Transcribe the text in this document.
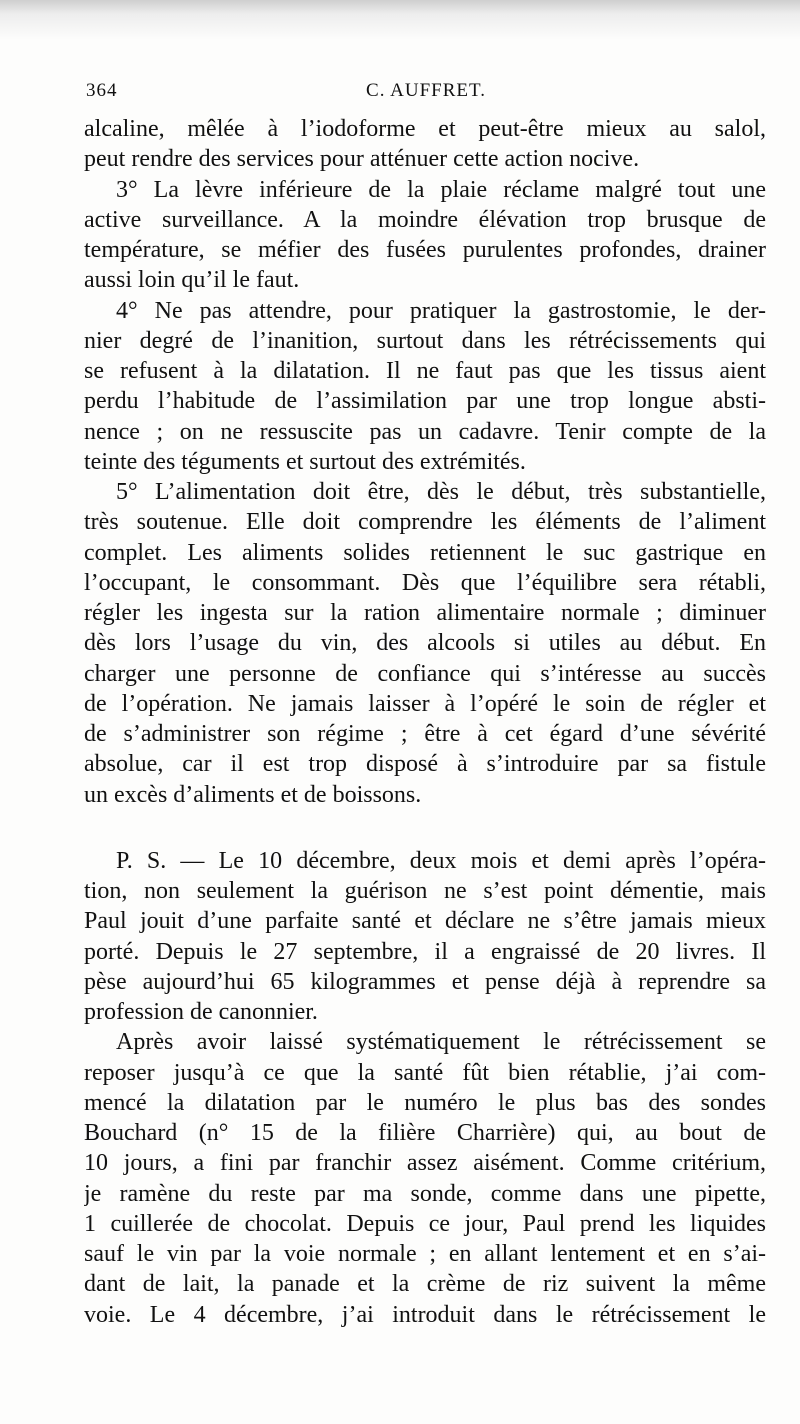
364	C. AUFFRET.
alcaline, mêlée à l’iodoforme et peut-être mieux au salol,
peut rendre des services pour atténuer cette action nocive.
3° La lèvre inférieure de la plaie réclame malgré tout une
active surveillance. A la moindre élévation trop brusque de
température, se méfier des fusées purulentes profondes, drainer
aussi loin qu’il le faut.
4° Ne pas attendre, pour pratiquer la gastrostomie, le der-
nier degré de l’inanition, surtout dans les rétrécissements qui
se refusent à la dilatation. Il ne faut pas que les tissus aient
perdu l’habitude de l’assimilation par une trop longue absti-
nence ; on ne ressuscite pas un cadavre. Tenir compte de la
teinte des téguments et surtout des extrémités.
5° L’alimentation doit être, dès le début, très substantielle,
très soutenue. Elle doit comprendre les éléments de l’aliment
complet. Les aliments solides retiennent le suc gastrique en
l’occupant, le consommant. Dès que l’équilibre sera rétabli,
régler les ingesta sur la ration alimentaire normale ; diminuer
dès lors l’usage du vin, des alcools si utiles au début. En
charger une personne de confiance qui s’intéresse au succès
de l’opération. Ne jamais laisser à l’opéré le soin de régler et
de s’administrer son régime ; être à cet égard d’une sévérité
absolue, car il est trop disposé à s’introduire par sa fistule
un excès d’aliments et de boissons.
P. S. — Le 10 décembre, deux mois et demi après l’opéra-
tion, non seulement la guérison ne s’est point démentie, mais
Paul jouit d’une parfaite santé et déclare ne s’être jamais mieux
porté. Depuis le 27 septembre, il a engraissé de 20 livres. Il
pèse aujourd’hui 65 kilogrammes et pense déjà à reprendre sa
profession de canonnier.
Après avoir laissé systématiquement le rétrécissement se
reposer jusqu’à ce que la santé fût bien rétablie, j’ai com-
mencé la dilatation par le numéro le plus bas des sondes
Bouchard (n° 15 de la filière Charrière) qui, au bout de
10 jours, a fini par franchir assez aisément. Comme critérium,
je ramène du reste par ma sonde, comme dans une pipette,
1 cuillerée de chocolat. Depuis ce jour, Paul prend les liquides
sauf le vin par la voie normale ; en allant lentement et en s’ai-
dant de lait, la panade et la crème de riz suivent la même
voie. Le 4 décembre, j’ai introduit dans le rétrécissement le
